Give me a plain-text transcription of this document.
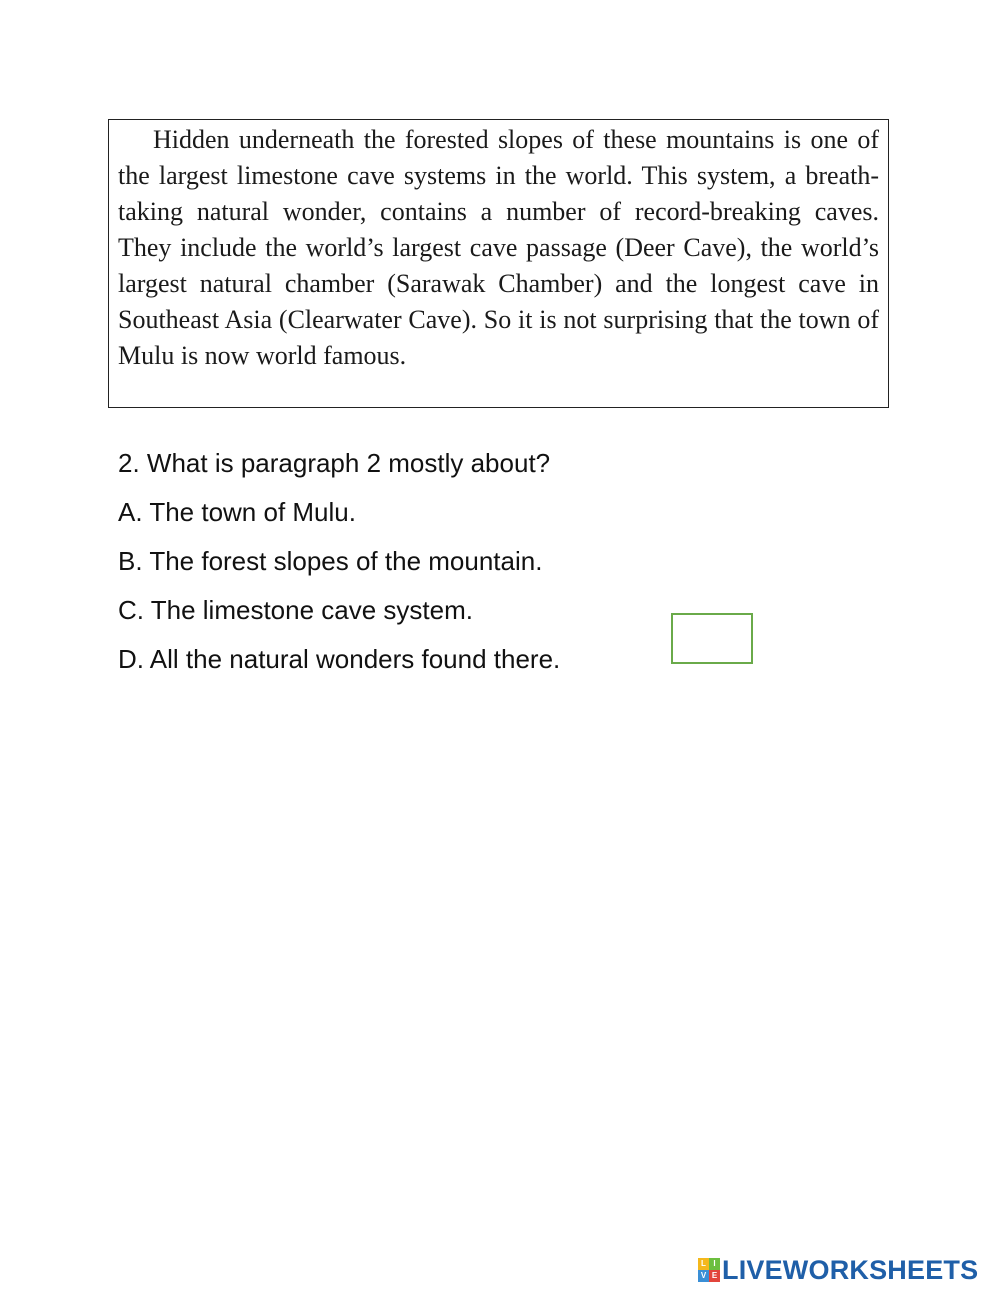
Hidden underneath the forested slopes of these mountains is one of the largest limestone cave systems in the world. This system, a breath-taking natural wonder, contains a number of record-breaking caves. They include the world’s largest cave passage (Deer Cave), the world’s largest natural chamber (Sarawak Chamber) and the longest cave in Southeast Asia (Clearwater Cave). So it is not surprising that the town of Mulu is now world famous.

2. What is paragraph 2 mostly about?
A. The town of Mulu.
B. The forest slopes of the mountain.
C. The limestone cave system.
D. All the natural wonders found there.
L I
V E LIVEWORKSHEETS
